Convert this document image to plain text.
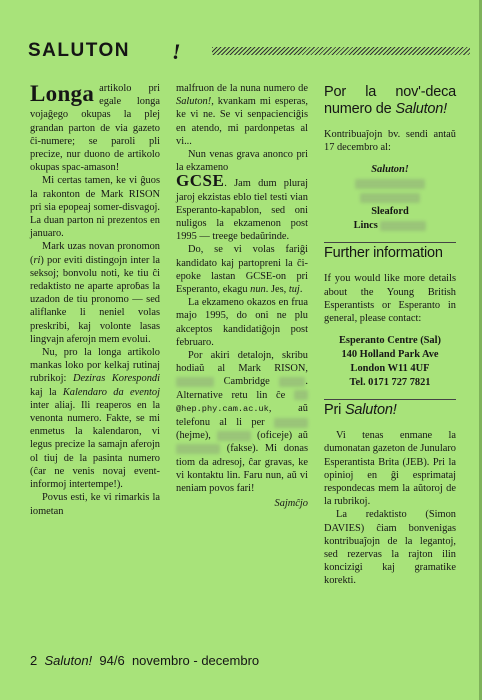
SALUTON !

Longa artikolo pri egale longa vojaĝego okupas la plej grandan parton de via gazeto ĉi-numere; se paroli pli precize, nur duono de artikolo okupas spac-amason!

Mi certas tamen, ke vi ĝuos la rakonton de Mark RISON pri sia epopeaj somer-disvagoj. La duan parton ni prezentos en januaro.

Mark uzas novan pronomon (ri) por eviti distingojn inter la seksoj; bonvolu noti, ke tiu ĉi redaktisto ne aparte aproḃas la uzadon de tiu pronomo — sed aliflanke li neniel volas preskribi, kaj volonte lasas lingvajn aferojn mem evolui.

Nu, pro la longa artikolo mankas loko por kelkaj rutinaj rubrikoj: Deziras Korespondi kaj la Kalendaro da eventoj inter aliaj. Ili reaperos en la venonta numero. Fakte, se mi enmetus la kalendaron, vi legus precize la samajn aferojn ol tiuj de la pasinta numero (ĉar ne venis novaj event-informoj intertempe!).

Povus esti, ke vi rimarkis la iometan

malfruon de la nuna numero de Saluton!, kvankam mi esperas, ke vi ne. Se vi senpacienciĝis en atendo, mi pardonpetas al vi...

Nun venas grava anonco pri la ekzameno

GCSE. Jam dum pluraj jaroj ekzistas eblo tiel testi vian Esperanto-kapablon, sed oni nuligos la ekzamenon post 1995 — treege bedaŭrinde.

Do, se vi volas fariĝi kandidato kaj partopreni la ĉi-epoke lastan GCSE-on pri Esperanto, ekagu nun. Jes, tuj.

La ekzameno okazos en frua majo 1995, do oni ne plu akceptos kandidatiĝojn post februaro.

Por akiri detalojn, skribu hodiaŭ al Mark RISON,  Cambridge	. Alternative retu lin ĉe @hep.phy.cam.ac.uk, aŭ telefonu al li per  (hejme),	(oficeje) aŭ  (fakse). Mi donas tiom da adresoj, ĉar gravas, ke vi kontaktu lin. Faru nun, aŭ vi neniam povos fari!

Sajmĉjo
Por la nov'-deca numero de Saluton!

Kontribuaĵojn bv. sendi antaŭ 17 decembro al:

Saluton!
Sleaford
Lincs
Further information

If you would like more details about the Young British Esperantists or Esperanto in general, please contact:

Esperanto Centre (Sal)
140 Holland Park Ave
London W11 4UF
Tel. 0171 727 7821
Pri Saluton!

Vi tenas enmane la dumonatan gazeton de Junularo Esperantista Brita (JEB). Pri la opinioj en ĝi esprimataj respondecas mem la aŭtoroj de la rubrikoj.

La redaktisto (Simon DAVIES) ĉiam bonvenigas kontribuaĵojn de la legantoj, sed rezervas la rajton ilin koncizigi kaj gramatike korekti.

2 Saluton! 94/6 novembro - decembro
